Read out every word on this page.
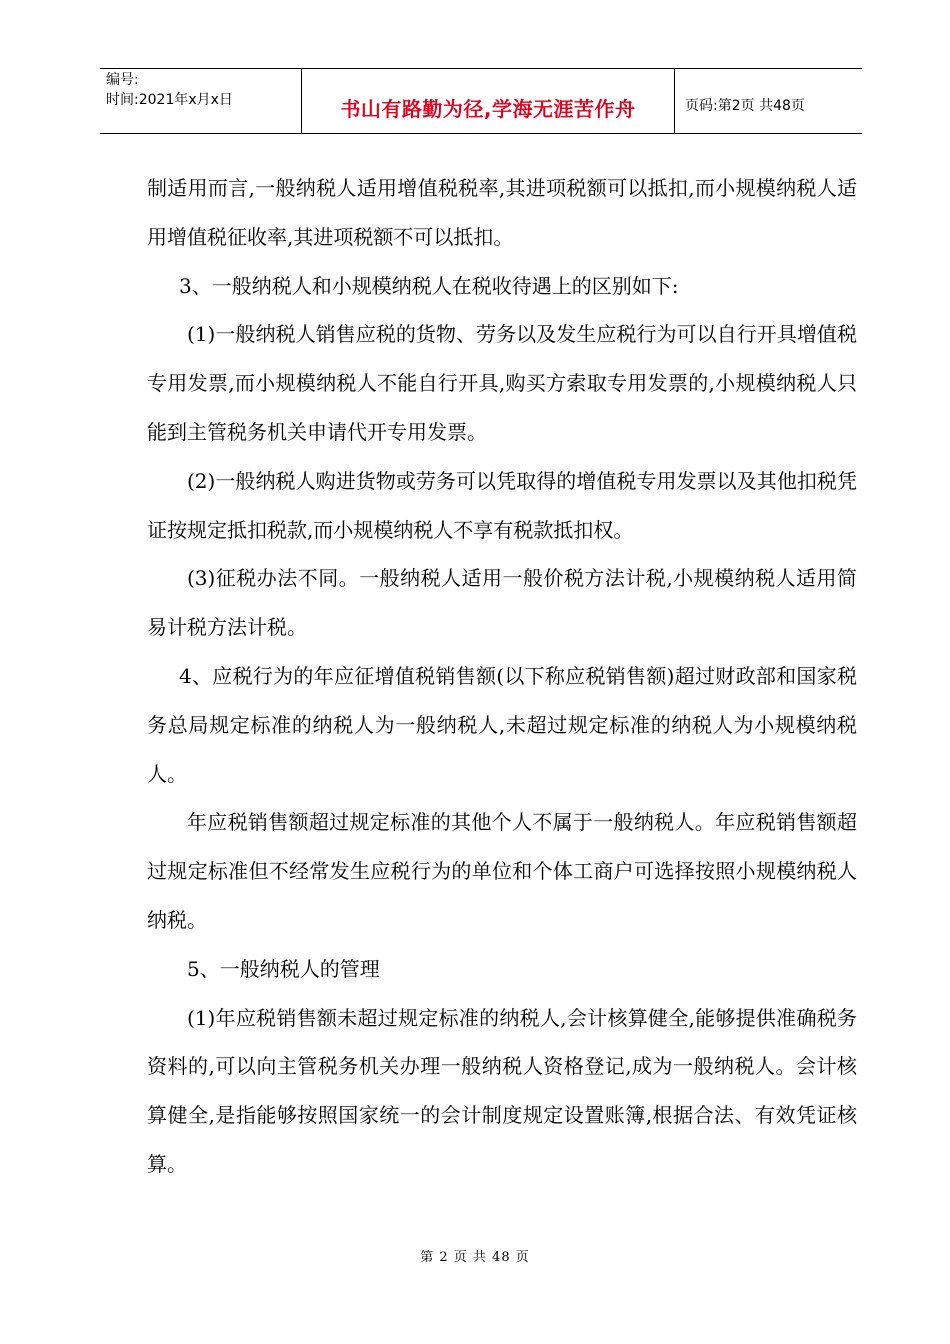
编号:
时间:2021年x月x日	书山有路勤为径,学海无涯苦作舟	页码:第2页 共48页

制适用而言,一般纳税人适用增值税税率,其进项税额可以抵扣,而小规模纳税人适用增值税征收率,其进项税额不可以抵扣。

3、一般纳税人和小规模纳税人在税收待遇上的区别如下:

(1)一般纳税人销售应税的货物、劳务以及发生应税行为可以自行开具增值税专用发票,而小规模纳税人不能自行开具,购买方索取专用发票的,小规模纳税人只能到主管税务机关申请代开专用发票。

(2)一般纳税人购进货物或劳务可以凭取得的增值税专用发票以及其他扣税凭证按规定抵扣税款,而小规模纳税人不享有税款抵扣权。

(3)征税办法不同。一般纳税人适用一般价税方法计税,小规模纳税人适用简易计税方法计税。

4、应税行为的年应征增值税销售额(以下称应税销售额)超过财政部和国家税务总局规定标准的纳税人为一般纳税人,未超过规定标准的纳税人为小规模纳税人。

年应税销售额超过规定标准的其他个人不属于一般纳税人。年应税销售额超过规定标准但不经常发生应税行为的单位和个体工商户可选择按照小规模纳税人纳税。

5、一般纳税人的管理

(1)年应税销售额未超过规定标准的纳税人,会计核算健全,能够提供准确税务资料的,可以向主管税务机关办理一般纳税人资格登记,成为一般纳税人。会计核算健全,是指能够按照国家统一的会计制度规定设置账簿,根据合法、有效凭证核算。

第 2 页 共 48 页
